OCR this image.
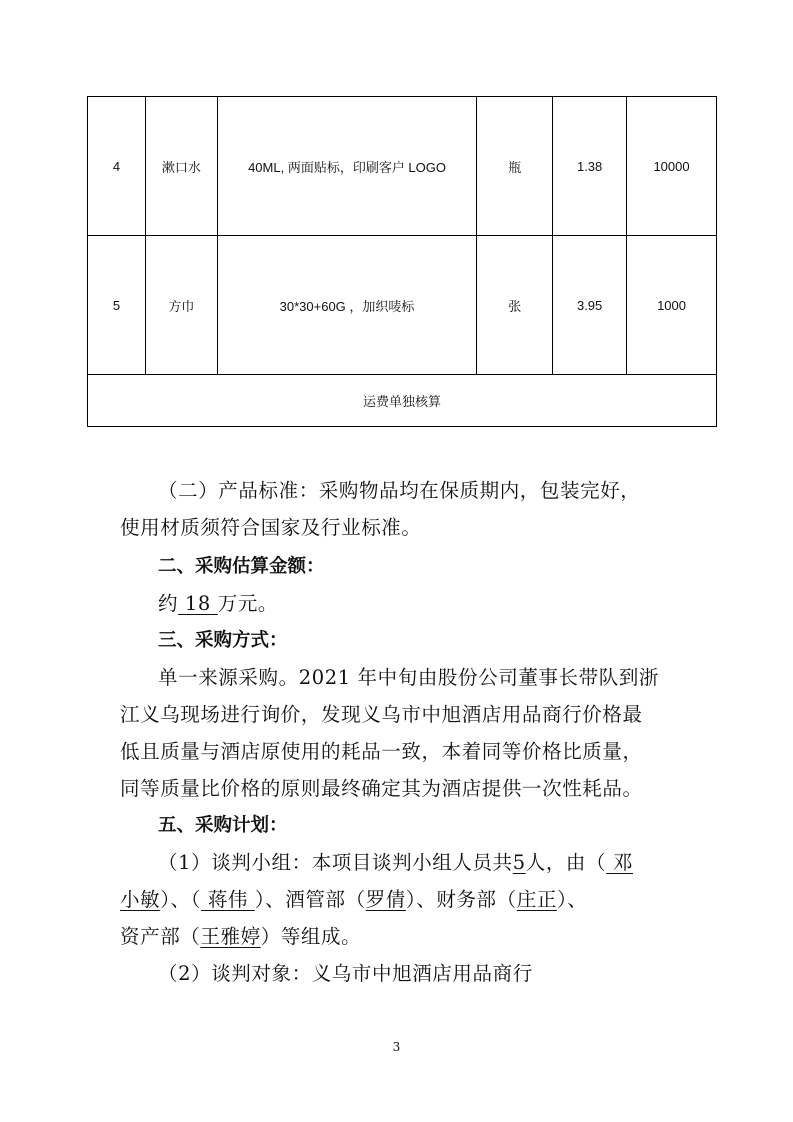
4	漱口水	40ML, 两面贴标，印刷客户 LOGO	瓶	1.38	10000
5	方巾	30*30+60G ，加织唛标	张	3.95	1000
运费单独核算					
（二）产品标准：采购物品均在保质期内，包装完好，
使用材质须符合国家及行业标准。
二、采购估算金额：
约 18 万元。
三、采购方式：
单一来源采购。2021 年中旬由股份公司董事长带队到浙
江义乌现场进行询价，发现义乌市中旭酒店用品商行价格最
低且质量与酒店原使用的耗品一致，本着同等价格比质量，
同等质量比价格的原则最终确定其为酒店提供一次性耗品。
五、采购计划：
（1）谈判小组：本项目谈判小组人员共5人，由（ 邓
小敏）、（ 蒋伟 ）、酒管部（罗倩）、财务部（庄正）、
资产部（王雅婷）等组成。
（2）谈判对象：义乌市中旭酒店用品商行
3
